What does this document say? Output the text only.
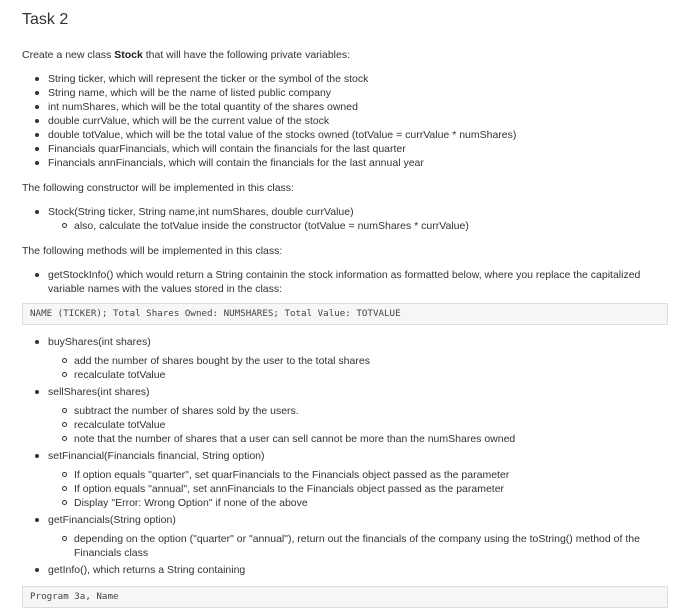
Task 2

Create a new class Stock that will have the following private variables:

String ticker, which will represent the ticker or the symbol of the stock
String name, which will be the name of listed public company
int numShares, which will be the total quantity of the shares owned
double currValue, which will be the current value of the stock
double totValue, which will be the total value of the stocks owned (totValue = currValue * numShares)
Financials quarFinancials, which will contain the financials for the last quarter
Financials annFinancials, which will contain the financials for the last annual year

The following constructor will be implemented in this class:

Stock(String ticker, String name,int numShares, double currValue)
also, calculate the totValue inside the constructor (totValue = numShares * currValue)

The following methods will be implemented in this class:

getStockInfo() which would return a String containin the stock information as formatted below, where you replace the capitalized variable names with the values stored in the class:
NAME (TICKER); Total Shares Owned: NUMSHARES; Total Value: TOTVALUE
buyShares(int shares)
add the number of shares bought by the user to the total shares
recalculate totValue
sellShares(int shares)
subtract the number of shares sold by the users.
recalculate totValue
note that the number of shares that a user can sell cannot be more than the numShares owned
setFinancial(Financials financial, String option)
If option equals "quarter", set quarFinancials to the Financials object passed as the parameter
If option equals "annual", set annFinancials to the Financials object passed as the parameter
Display "Error: Wrong Option" if none of the above
getFinancials(String option)
depending on the option ("quarter" or "annual"), return out the financials of the company using the toString() method of the Financials class
getInfo(), which returns a String containing
Program 3a, Name
